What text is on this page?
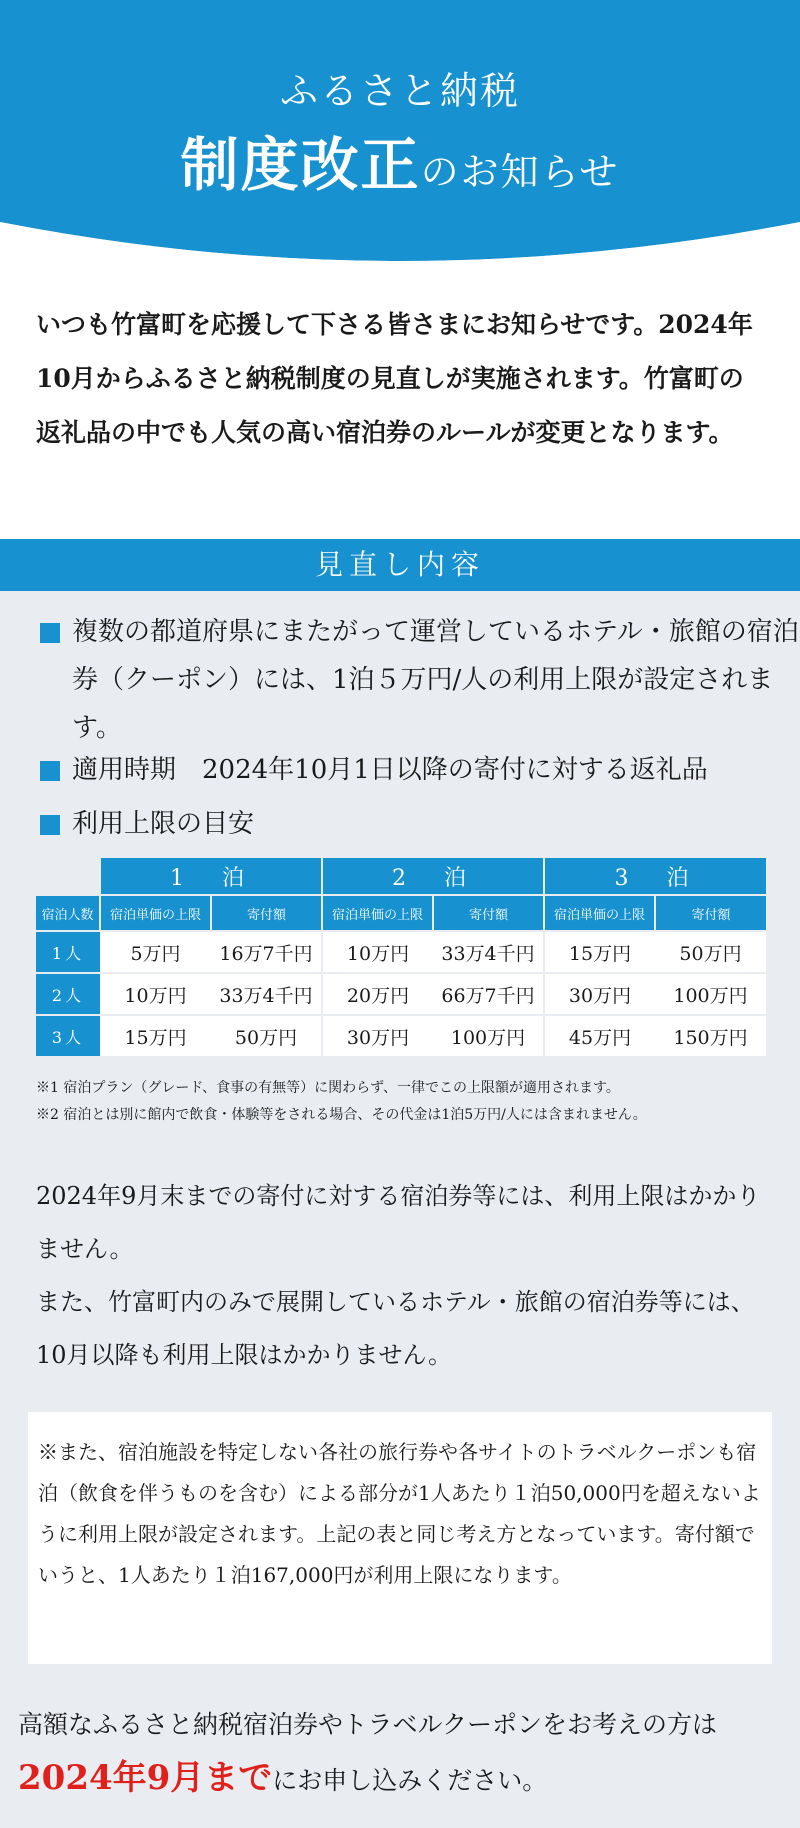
ふるさと納税
制度改正のお知らせ

いつも竹富町を応援して下さる皆さまにお知らせです。2024年10月からふるさと納税制度の見直しが実施されます。竹富町の返礼品の中でも人気の高い宿泊券のルールが変更となります。

見直し内容
複数の都道府県にまたがって運営しているホテル・旅館の宿泊券（クーポン）には、1泊５万円/人の利用上限が設定されます。
適用時期　2024年10月1日以降の寄付に対する返礼品
利用上限の目安
	1　泊		2　泊		3　泊	
宿泊人数	宿泊単価の上限	寄付額	宿泊単価の上限	寄付額	宿泊単価の上限	寄付額
1人	5万円	16万7千円	10万円	33万4千円	15万円	50万円
2人	10万円	33万4千円	20万円	66万7千円	30万円	100万円
3人	15万円	50万円	30万円	100万円	45万円	150万円
※1 宿泊プラン（グレード、食事の有無等）に関わらず、一律でこの上限額が適用されます。
※2 宿泊とは別に館内で飲食・体験等をされる場合、その代金は1泊5万円/人には含まれません。
2024年9月末までの寄付に対する宿泊券等には、利用上限はかかりません。
また、竹富町内のみで展開しているホテル・旅館の宿泊券等には、10月以降も利用上限はかかりません。

※また、宿泊施設を特定しない各社の旅行券や各サイトのトラベルクーポンも宿泊（飲食を伴うものを含む）による部分が1人あたり１泊50,000円を超えないように利用上限が設定されます。上記の表と同じ考え方となっています。寄付額でいうと、1人あたり１泊167,000円が利用上限になります。

高額なふるさと納税宿泊券やトラベルクーポンをお考えの方は
2024年9月までにお申し込みください。
